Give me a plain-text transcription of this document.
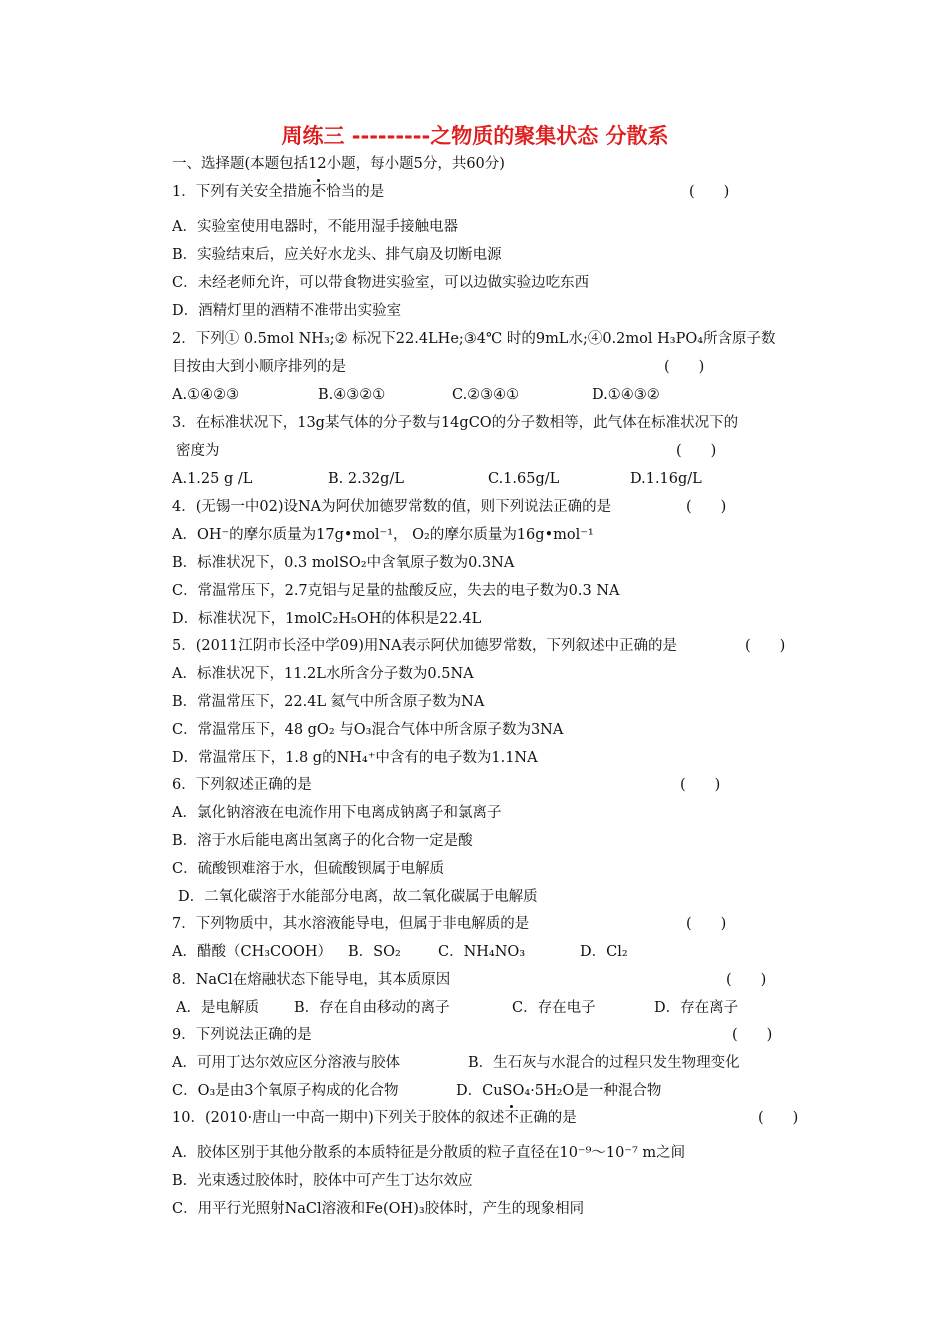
周练三 ---------之物质的聚集状态 分散系
一、选择题(本题包括12小题，每小题5分，共60分)
1．下列有关安全措施不恰当的是	(　　)
A．实验室使用电器时，不能用湿手接触电器
B．实验结束后，应关好水龙头、排气扇及切断电源
C．未经老师允许，可以带食物进实验室，可以边做实验边吃东西
D．酒精灯里的酒精不准带出实验室
2．下列① 0.5mol NH₃;② 标况下22.4LHe;③4℃ 时的9mL水;④0.2mol H₃PO₄所含原子数
目按由大到小顺序排列的是	(　　)
A.①④②③	B.④③②①	C.②③④①	D.①④③②
3．在标准状况下，13g某气体的分子数与14gCO的分子数相等，此气体在标准状况下的
密度为	(　　)
A.1.25 g /L	B. 2.32g/L	C.1.65g/L	D.1.16g/L
4．(无锡一中02)设NA为阿伏加德罗常数的值，则下列说法正确的是	(　　)
A．OH⁻的摩尔质量为17g•mol⁻¹， O₂的摩尔质量为16g•mol⁻¹
B．标准状况下，0.3 molSO₂中含氧原子数为0.3NA
C．常温常压下，2.7克铝与足量的盐酸反应，失去的电子数为0.3 NA
D．标准状况下，1molC₂H₅OH的体积是22.4L
5．(2011江阴市长泾中学09)用NA表示阿伏加德罗常数，下列叙述中正确的是	(　　)
A．标准状况下，11.2L水所含分子数为0.5NA
B．常温常压下，22.4L 氦气中所含原子数为NA
C．常温常压下，48 gO₂ 与O₃混合气体中所含原子数为3NA
D．常温常压下，1.8 g的NH₄⁺中含有的电子数为1.1NA
6．下列叙述正确的是	(　　)
A．氯化钠溶液在电流作用下电离成钠离子和氯离子
B．溶于水后能电离出氢离子的化合物一定是酸
C．硫酸钡难溶于水，但硫酸钡属于电解质
D．二氧化碳溶于水能部分电离，故二氧化碳属于电解质
7．下列物质中，其水溶液能导电，但属于非电解质的是	(　　)
A．醋酸（CH₃COOH） B．SO₂	C．NH₄NO₃	D．Cl₂
8．NaCl在熔融状态下能导电，其本质原因	(　　)
A．是电解质 B．存在自由移动的离子	C．存在电子	D．存在离子
9．下列说法正确的是	(　　)
A．可用丁达尔效应区分溶液与胶体	B．生石灰与水混合的过程只发生物理变化
C．O₃是由3个氧原子构成的化合物	D．CuSO₄·5H₂O是一种混合物
10．(2010·唐山一中高一期中)下列关于胶体的叙述不正确的是	(　　)
A．胶体区别于其他分散系的本质特征是分散质的粒子直径在10⁻⁹～10⁻⁷ m之间
B．光束透过胶体时，胶体中可产生丁达尔效应
C．用平行光照射NaCl溶液和Fe(OH)₃胶体时，产生的现象相同
